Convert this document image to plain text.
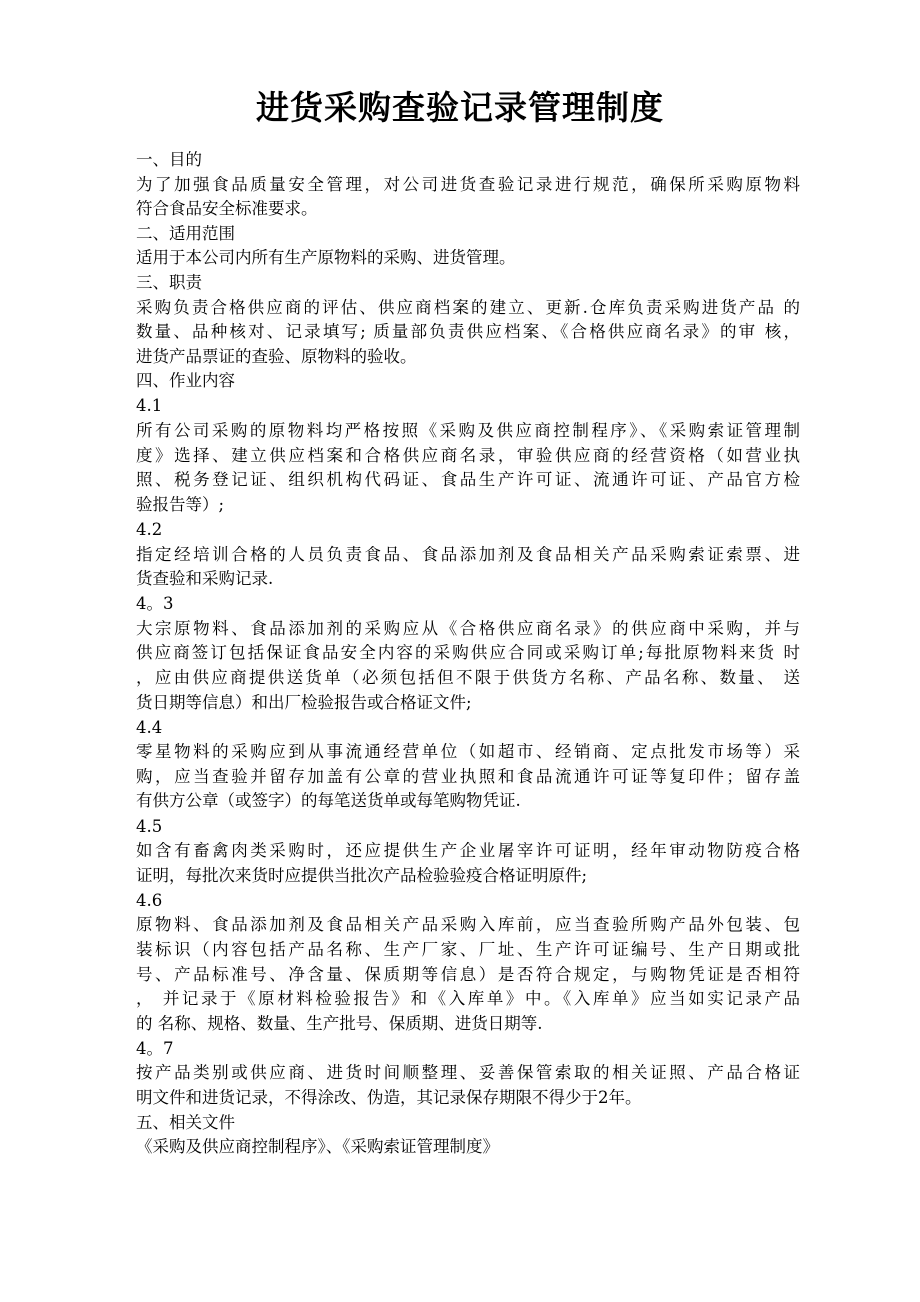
进货采购查验记录管理制度
一、目的
为了加强食品质量安全管理，对公司进货查验记录进行规范，确保所采购原物料
符合食品安全标准要求。
二、适用范围
适用于本公司内所有生产原物料的采购、进货管理。
三、职责
采购负责合格供应商的评估、供应商档案的建立、更新.仓库负责采购进货产品 的
数量、品种核对、记录填写; 质量部负责供应档案、《合格供应商名录》的审 核，
进货产品票证的查验、原物料的验收。
四、作业内容
4.1
所有公司采购的原物料均严格按照《采购及供应商控制程序》、《采购索证管理制
度》选择、建立供应档案和合格供应商名录，审验供应商的经营资格（如营业执
照、税务登记证、组织机构代码证、食品生产许可证、流通许可证、产品官方检
验报告等）;
4.2
指定经培训合格的人员负责食品、食品添加剂及食品相关产品采购索证索票、进
货查验和采购记录.
4。3
大宗原物料、食品添加剂的采购应从《合格供应商名录》的供应商中采购，并与
供应商签订包括保证食品安全内容的采购供应合同或采购订单;每批原物料来货 时
，应由供应商提供送货单（必须包括但不限于供货方名称、产品名称、数量、 送
货日期等信息）和出厂检验报告或合格证文件;
4.4
零星物料的采购应到从事流通经营单位（如超市、经销商、定点批发市场等）采
购，应当查验并留存加盖有公章的营业执照和食品流通许可证等复印件；留存盖
有供方公章（或签字）的每笔送货单或每笔购物凭证.
4.5
如含有畜禽肉类采购时，还应提供生产企业屠宰许可证明，经年审动物防疫合格
证明，每批次来货时应提供当批次产品检验验疫合格证明原件;
4.6
原物料、食品添加剂及食品相关产品采购入库前，应当查验所购产品外包装、包
装标识（内容包括产品名称、生产厂家、厂址、生产许可证编号、生产日期或批
号、产品标准号、净含量、保质期等信息）是否符合规定，与购物凭证是否相符
， 并记录于《原材料检验报告》和《入库单》中。《入库单》应当如实记录产品
的 名称、规格、数量、生产批号、保质期、进货日期等.
4。7
按产品类别或供应商、进货时间顺整理、妥善保管索取的相关证照、产品合格证
明文件和进货记录，不得涂改、伪造，其记录保存期限不得少于2年。
五、相关文件
《采购及供应商控制程序》、《采购索证管理制度》
